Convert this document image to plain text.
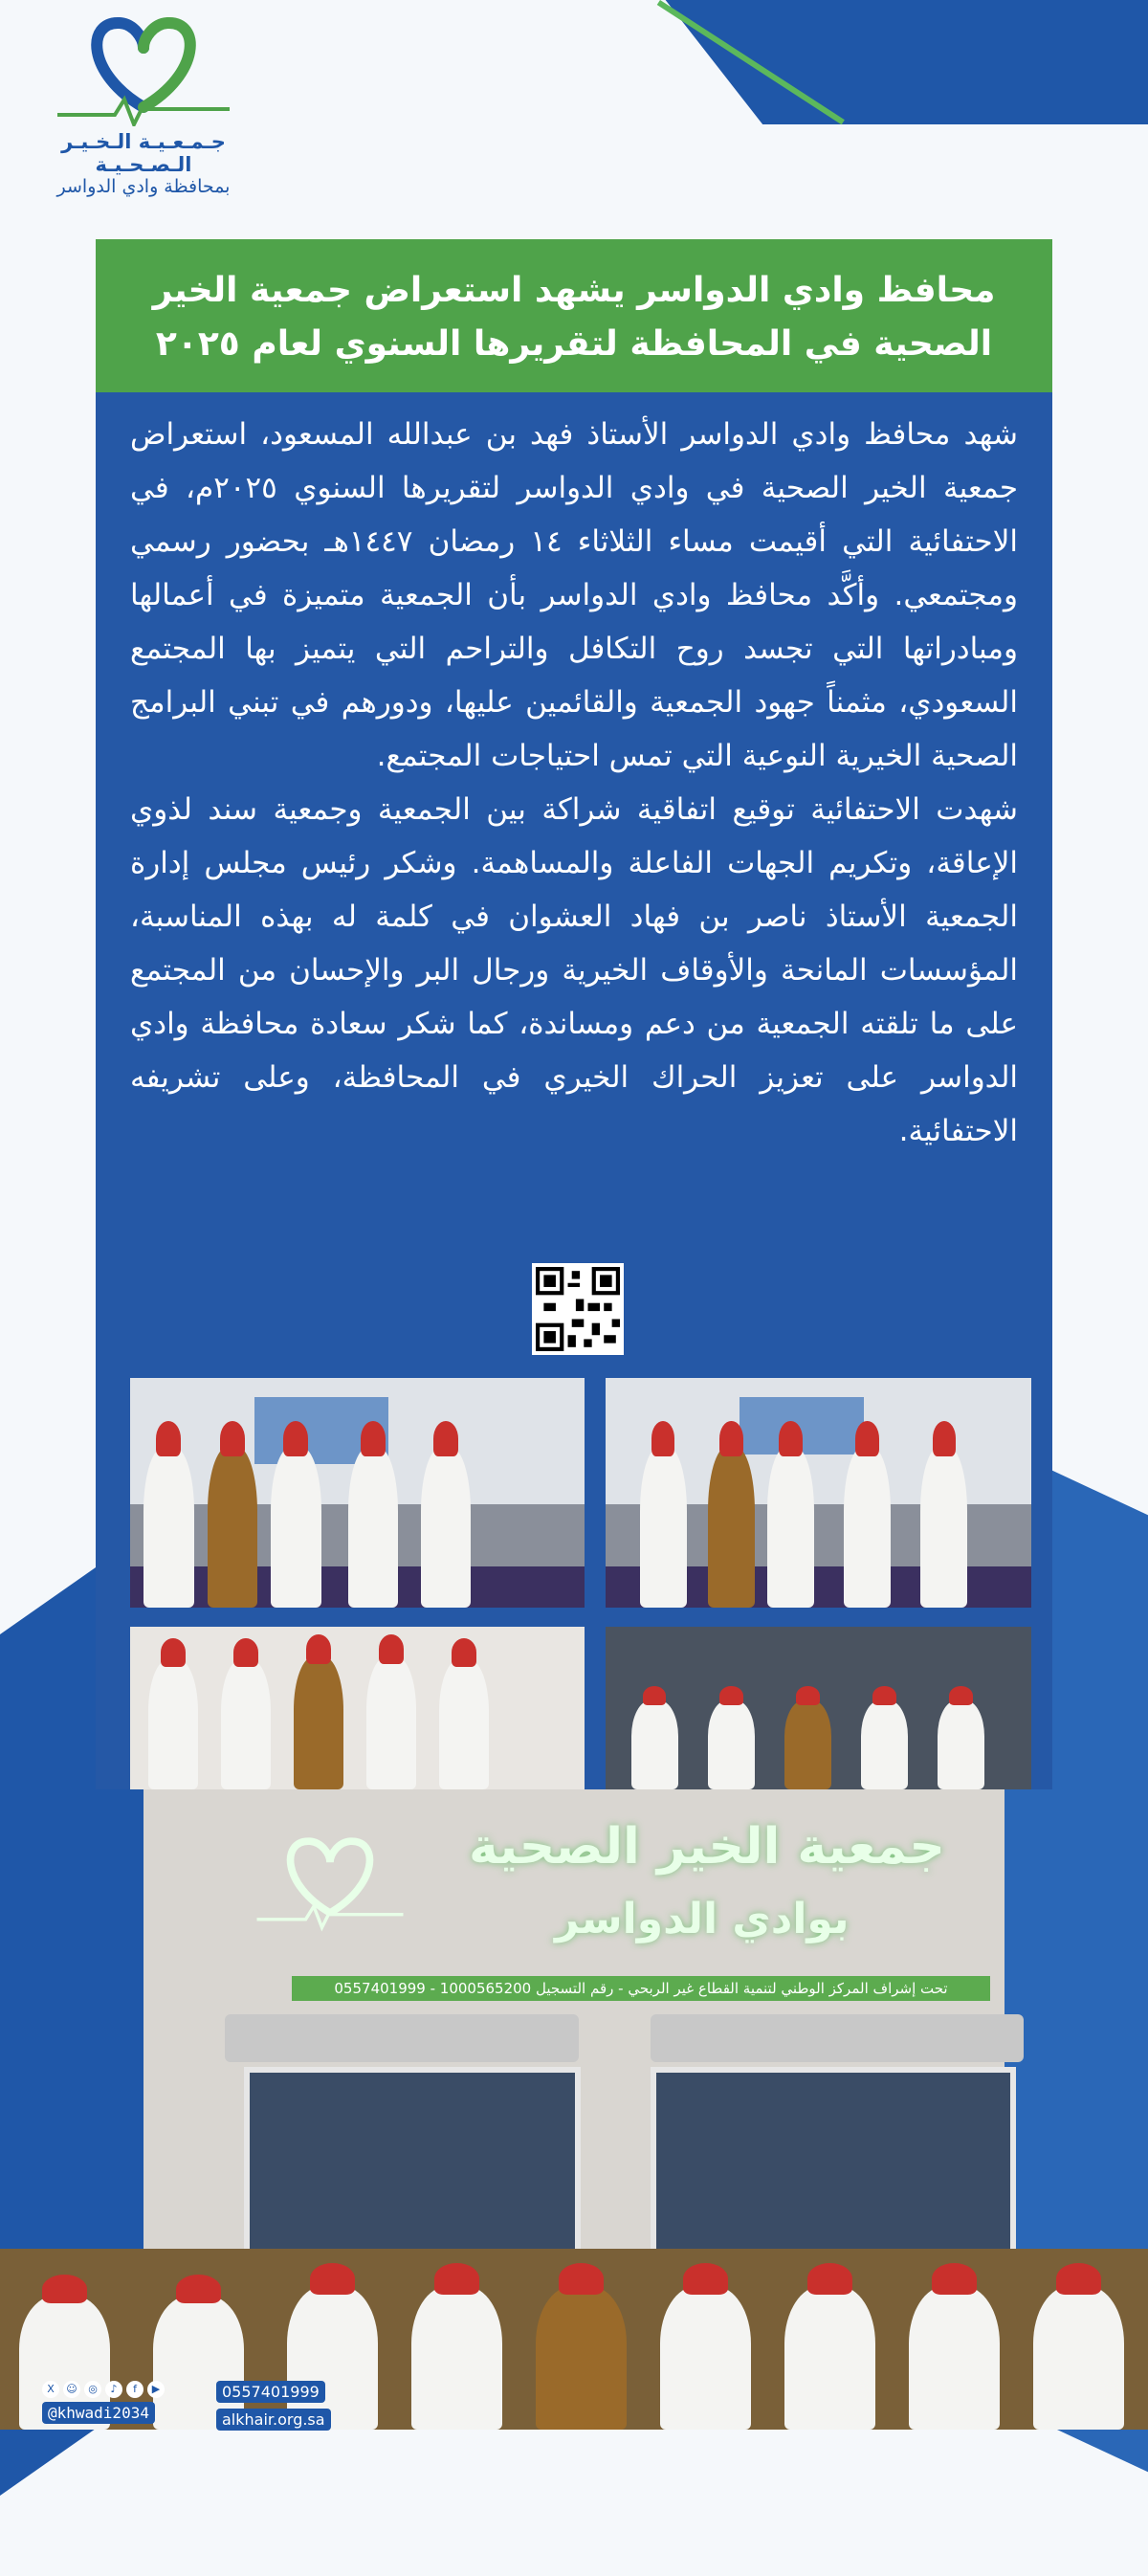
جـمـعـيـة الـخـيـر الـصـحـيـة
بمحافظة وادي الدواسر
محافظ وادي الدواسر يشهد استعراض جمعية الخير الصحية في المحافظة لتقريرها السنوي لعام ٢٠٢٥

شهد محافظ وادي الدواسر الأستاذ فهد بن عبدالله المسعود، استعراض جمعية الخير الصحية في وادي الدواسر لتقريرها السنوي ٢٠٢٥م، في الاحتفائية التي أقيمت مساء الثلاثاء ١٤ رمضان ١٤٤٧هـ بحضور رسمي ومجتمعي. وأكَّد محافظ وادي الدواسر بأن الجمعية متميزة في أعمالها ومبادراتها التي تجسد روح التكافل والتراحم التي يتميز بها المجتمع السعودي، مثمناً جهود الجمعية والقائمين عليها، ودورهم في تبني البرامج الصحية الخيرية النوعية التي تمس احتياجات المجتمع.

شهدت الاحتفائية توقيع اتفاقية شراكة بين الجمعية وجمعية سند لذوي الإعاقة، وتكريم الجهات الفاعلة والمساهمة. وشكر رئيس مجلس إدارة الجمعية الأستاذ ناصر بن فهاد العشوان في كلمة له بهذه المناسبة، المؤسسات المانحة والأوقاف الخيرية ورجال البر والإحسان من المجتمع على ما تلقته الجمعية من دعم ومساندة، كما شكر سعادة محافظة وادي الدواسر على تعزيز الحراك الخيري في المحافظة، وعلى تشريفه الاحتفائية.

جمعية الخير الصحية
بوادي الدواسر
تحت إشراف المركز الوطني لتنمية القطاع غير الربحي - رقم التسجيل 1000565200 - 0557401999
X	☺	◎	♪	f	▶
@khwadi2034
0557401999
alkhair.org.sa
